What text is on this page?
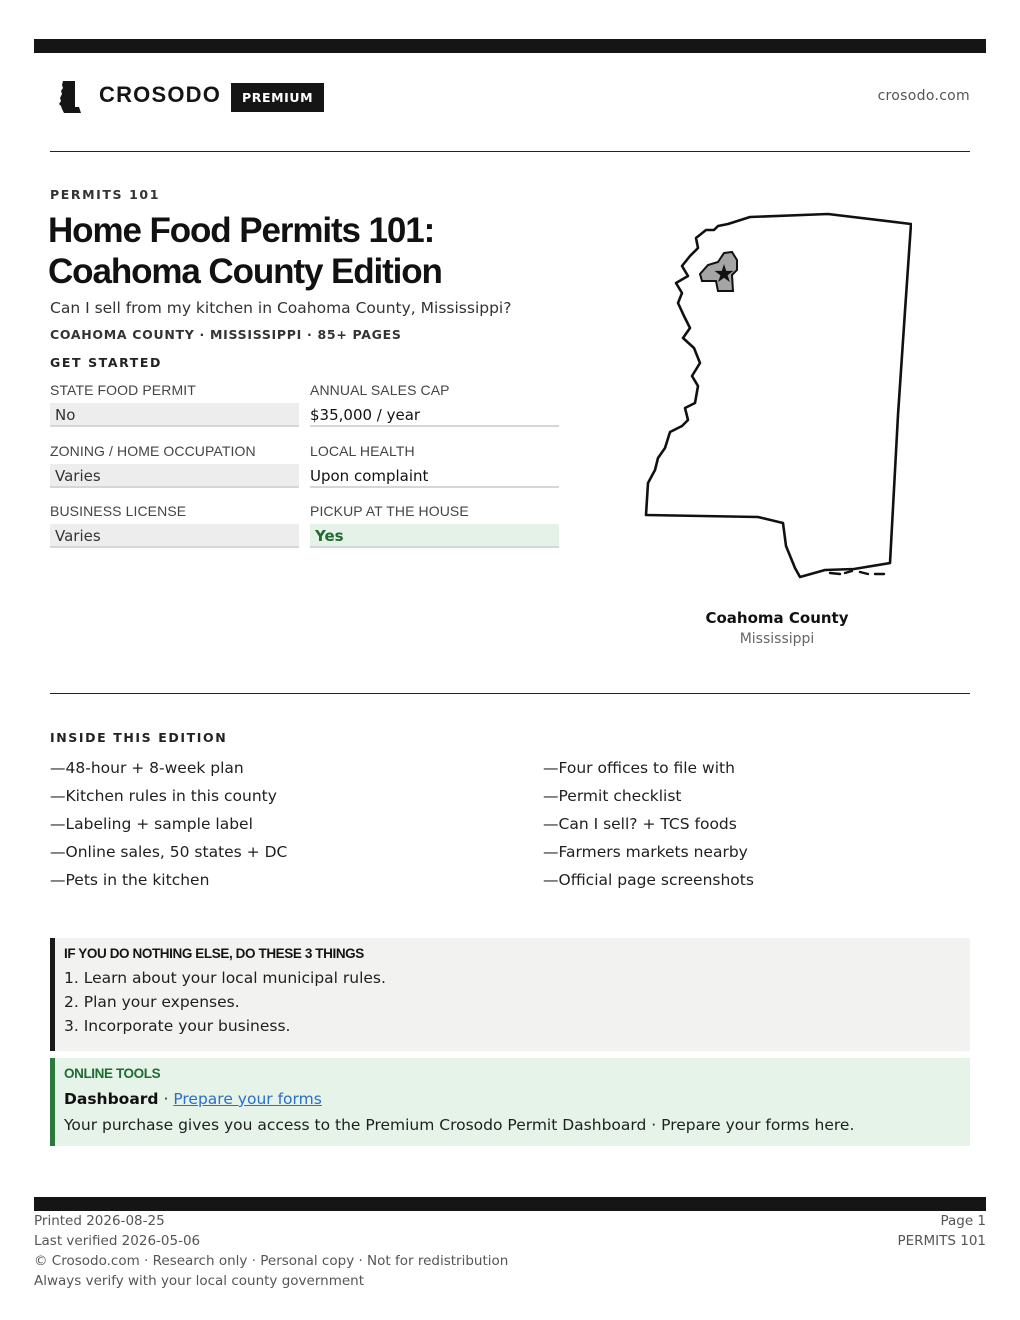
CROSODO	PREMIUM	crosodo.com
PERMITS 101
Home Food Permits 101:
Coahoma County Edition
Can I sell from my kitchen in Coahoma County, Mississippi?
COAHOMA COUNTY · MISSISSIPPI · 85+ PAGES
GET STARTED
STATE FOOD PERMIT
No
ANNUAL SALES CAP
$35,000 / year
ZONING / HOME OCCUPATION
Varies
LOCAL HEALTH
Upon complaint
BUSINESS LICENSE
Varies
PICKUP AT THE HOUSE
Yes
Coahoma County
Mississippi
INSIDE THIS EDITION
—48-hour + 8-week plan
—Kitchen rules in this county
—Labeling + sample label
—Online sales, 50 states + DC
—Pets in the kitchen
—Four offices to file with
—Permit checklist
—Can I sell? + TCS foods
—Farmers markets nearby
—Official page screenshots
IF YOU DO NOTHING ELSE, DO THESE 3 THINGS
1. Learn about your local municipal rules.
2. Plan your expenses.
3. Incorporate your business.
ONLINE TOOLS
Dashboard · Prepare your forms
Your purchase gives you access to the Premium Crosodo Permit Dashboard · Prepare your forms here.
Printed 2026-08-25
Last verified 2026-05-06
© Crosodo.com · Research only · Personal copy · Not for redistribution
Always verify with your local county government
Page 1
PERMITS 101
